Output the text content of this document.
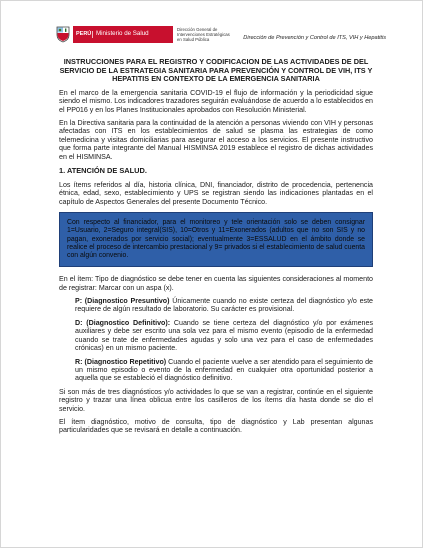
PERÚ Ministerio de Salud
Dirección General de Intervenciones Estratégicas en Salud Pública	Dirección de Prevención y Control de ITS, VIH y Hepatitis
INSTRUCCIONES PARA EL REGISTRO Y CODIFICACION DE LAS ACTIVIDADES DE DEL SERVICIO DE LA ESTRATEGIA SANITARIA PARA PREVENCIÓN Y CONTROL DE VIH, ITS Y HEPATITIS EN CONTEXTO DE LA EMERGENCIA SANITARIA

En el marco de la emergencia sanitaria COVID-19 el flujo de información y la periodicidad sigue siendo el mismo. Los indicadores trazadores seguirán evaluándose de acuerdo a lo establecidos en el PP016 y en los Planes Institucionales aprobados con Resolución Ministerial.

En la Directiva sanitaria para la continuidad de la atención a personas viviendo con VIH y personas afectadas con ITS en los establecimientos de salud se plasma las estrategias de como telemedicina y visitas domiciliarias para asegurar el acceso a los servicios. El presente instructivo que forma parte integrante del Manual HISMINSA 2019 establece el registro de dichas actividades en el HISMINSA.

1. ATENCIÓN DE SALUD.

Los ítems referidos al día, historia clínica, DNI, financiador, distrito de procedencia, pertenencia étnica, edad, sexo, establecimiento y UPS se registran siendo las indicaciones plantadas en el capítulo de Aspectos Generales del presente Documento Técnico.

Con respecto al financiador, para el monitoreo y tele orientación solo se deben consignar 1=Usuario, 2=Seguro integral(SIS), 10=Otros y 11=Exonerados (adultos que no son SIS y no pagan, exonerados por servicio social); eventualmente 3=ESSALUD en el ámbito donde se realice el proceso de intercambio prestacional y 9= privados si el establecimiento de salud cuenta con algún convenio.

En el ítem: Tipo de diagnóstico se debe tener en cuenta las siguientes consideraciones al momento de registrar: Marcar con un aspa (x).

P: (Diagnostico Presuntivo) Únicamente cuando no existe certeza del diagnóstico y/o este requiere de algún resultado de laboratorio. Su carácter es provisional.

D: (Diagnostico Definitivo): Cuando se tiene certeza del diagnóstico y/o por exámenes auxiliares y debe ser escrito una sola vez para el mismo evento (episodio de la enfermedad cuando se trate de enfermedades agudas y solo una vez para el caso de enfermedades crónicas) en un mismo paciente.

R: (Diagnostico Repetitivo) Cuando el paciente vuelve a ser atendido para el seguimiento de un mismo episodio o evento de la enfermedad en cualquier otra oportunidad posterior a aquella que se estableció el diagnóstico definitivo.

Si son más de tres diagnósticos y/o actividades lo que se van a registrar, continúe en el siguiente registro y trazar una línea oblicua entre los casilleros de los ítems día hasta donde se dio el servicio.

El ítem diagnóstico, motivo de consulta, tipo de diagnóstico y Lab presentan algunas particularidades que se revisará en detalle a continuación.
